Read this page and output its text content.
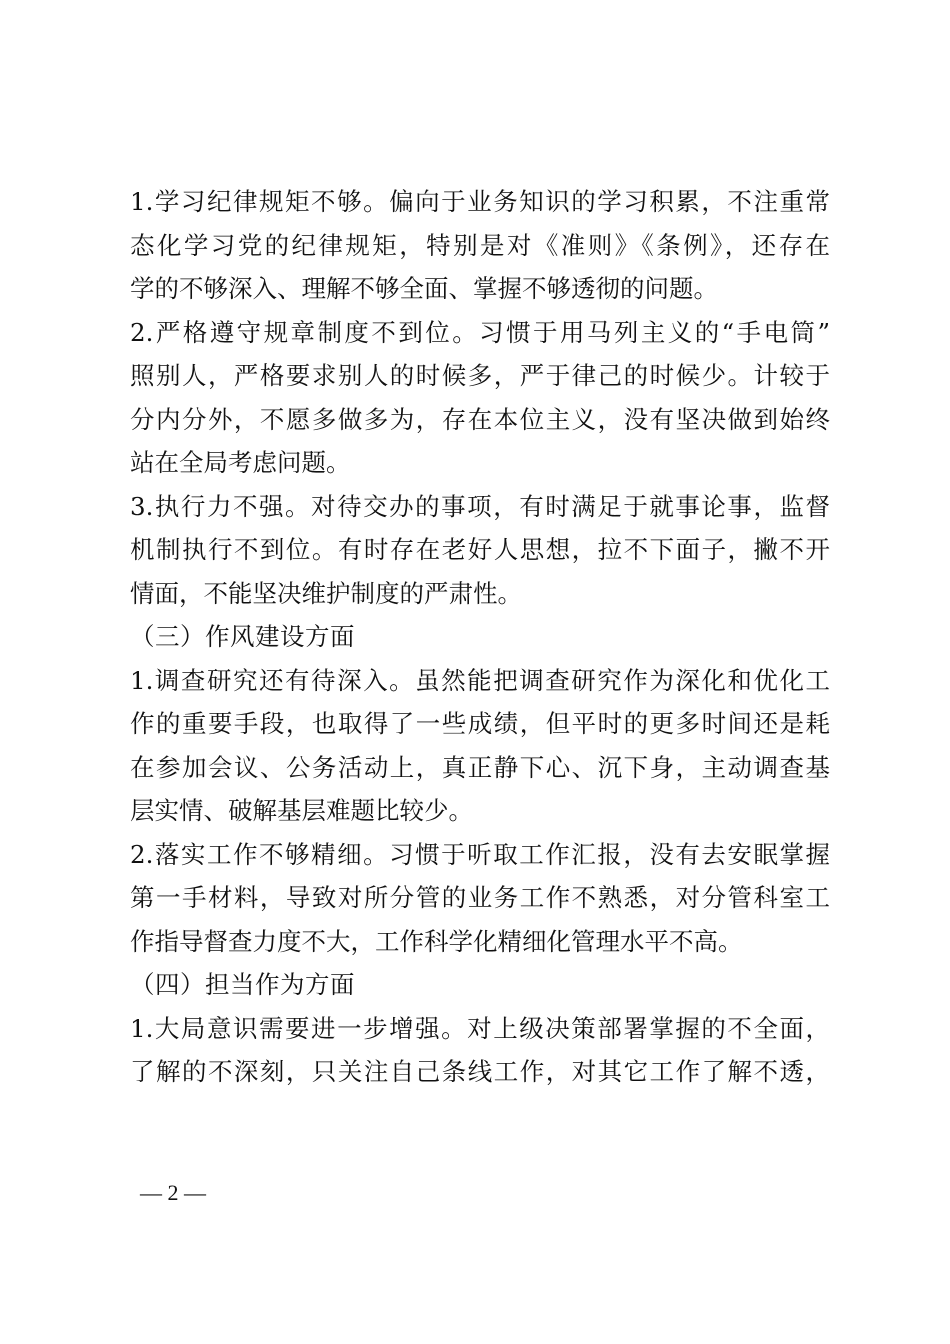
1.学习纪律规矩不够。偏向于业务知识的学习积累，不注重常
态化学习党的纪律规矩，特别是对《准则》《条例》，还存在
学的不够深入、理解不够全面、掌握不够透彻的问题。
2.严格遵守规章制度不到位。习惯于用马列主义的“手电筒”
照别人，严格要求别人的时候多，严于律己的时候少。计较于
分内分外，不愿多做多为，存在本位主义，没有坚决做到始终
站在全局考虑问题。
3.执行力不强。对待交办的事项，有时满足于就事论事，监督
机制执行不到位。有时存在老好人思想，拉不下面子，撇不开
情面，不能坚决维护制度的严肃性。
（三）作风建设方面
1.调查研究还有待深入。虽然能把调查研究作为深化和优化工
作的重要手段，也取得了一些成绩，但平时的更多时间还是耗
在参加会议、公务活动上，真正静下心、沉下身，主动调查基
层实情、破解基层难题比较少。
2.落实工作不够精细。习惯于听取工作汇报，没有去安眠掌握
第一手材料，导致对所分管的业务工作不熟悉，对分管科室工
作指导督查力度不大，工作科学化精细化管理水平不高。
（四）担当作为方面
1.大局意识需要进一步增强。对上级决策部署掌握的不全面，
了解的不深刻，只关注自己条线工作，对其它工作了解不透，
— 2 —
